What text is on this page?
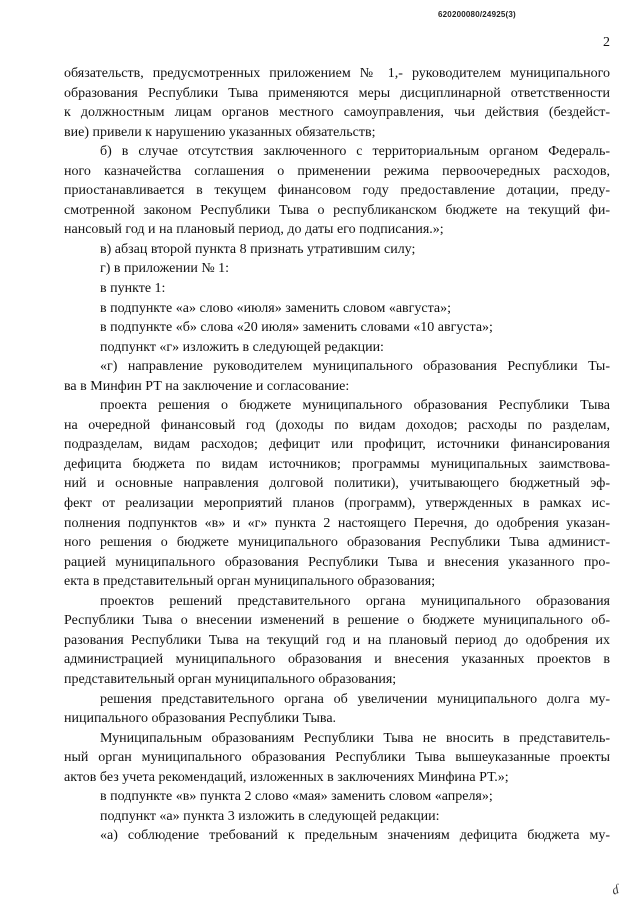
620200080/24925(3)
2
обязательств, предусмотренных приложением № 1,- руководителем муниципального
образования Республики Тыва применяются меры дисциплинарной ответственности
к должностным лицам органов местного самоуправления, чьи действия (бездейст-
вие) привели к нарушению указанных обязательств;
б) в случае отсутствия заключенного с территориальным органом Федераль-
ного казначейства соглашения о применении режима первоочередных расходов,
приостанавливается в текущем финансовом году предоставление дотации, преду-
смотренной законом Республики Тыва о республиканском бюджете на текущий фи-
нансовый год и на плановый период, до даты его подписания.»;
в) абзац второй пункта 8 признать утратившим силу;
г) в приложении № 1:
в пункте 1:
в подпункте «а» слово «июля» заменить словом «августа»;
в подпункте «б» слова «20 июля» заменить словами «10 августа»;
подпункт «г» изложить в следующей редакции:
«г) направление руководителем муниципального образования Республики Ты-
ва в Минфин РТ на заключение и согласование:
проекта решения о бюджете муниципального образования Республики Тыва
на очередной финансовый год (доходы по видам доходов; расходы по разделам,
подразделам, видам расходов; дефицит или профицит, источники финансирования
дефицита бюджета по видам источников; программы муниципальных заимствова-
ний и основные направления долговой политики), учитывающего бюджетный эф-
фект от реализации мероприятий планов (программ), утвержденных в рамках ис-
полнения подпунктов «в» и «г» пункта 2 настоящего Перечня, до одобрения указан-
ного решения о бюджете муниципального образования Республики Тыва админист-
рацией муниципального образования Республики Тыва и внесения указанного про-
екта в представительный орган муниципального образования;
проектов решений представительного органа муниципального образования
Республики Тыва о внесении изменений в решение о бюджете муниципального об-
разования Республики Тыва на текущий год и на плановый период до одобрения их
администрацией муниципального образования и внесения указанных проектов в
представительный орган муниципального образования;
решения представительного органа об увеличении муниципального долга му-
ниципального образования Республики Тыва.
Муниципальным образованиям Республики Тыва не вносить в представитель-
ный орган муниципального образования Республики Тыва вышеуказанные проекты
актов без учета рекомендаций, изложенных в заключениях Минфина РТ.»;
в подпункте «в» пункта 2 слово «мая» заменить словом «апреля»;
подпункт «а» пункта 3 изложить в следующей редакции:
«а) соблюдение требований к предельным значениям дефицита бюджета му-
ɗ
